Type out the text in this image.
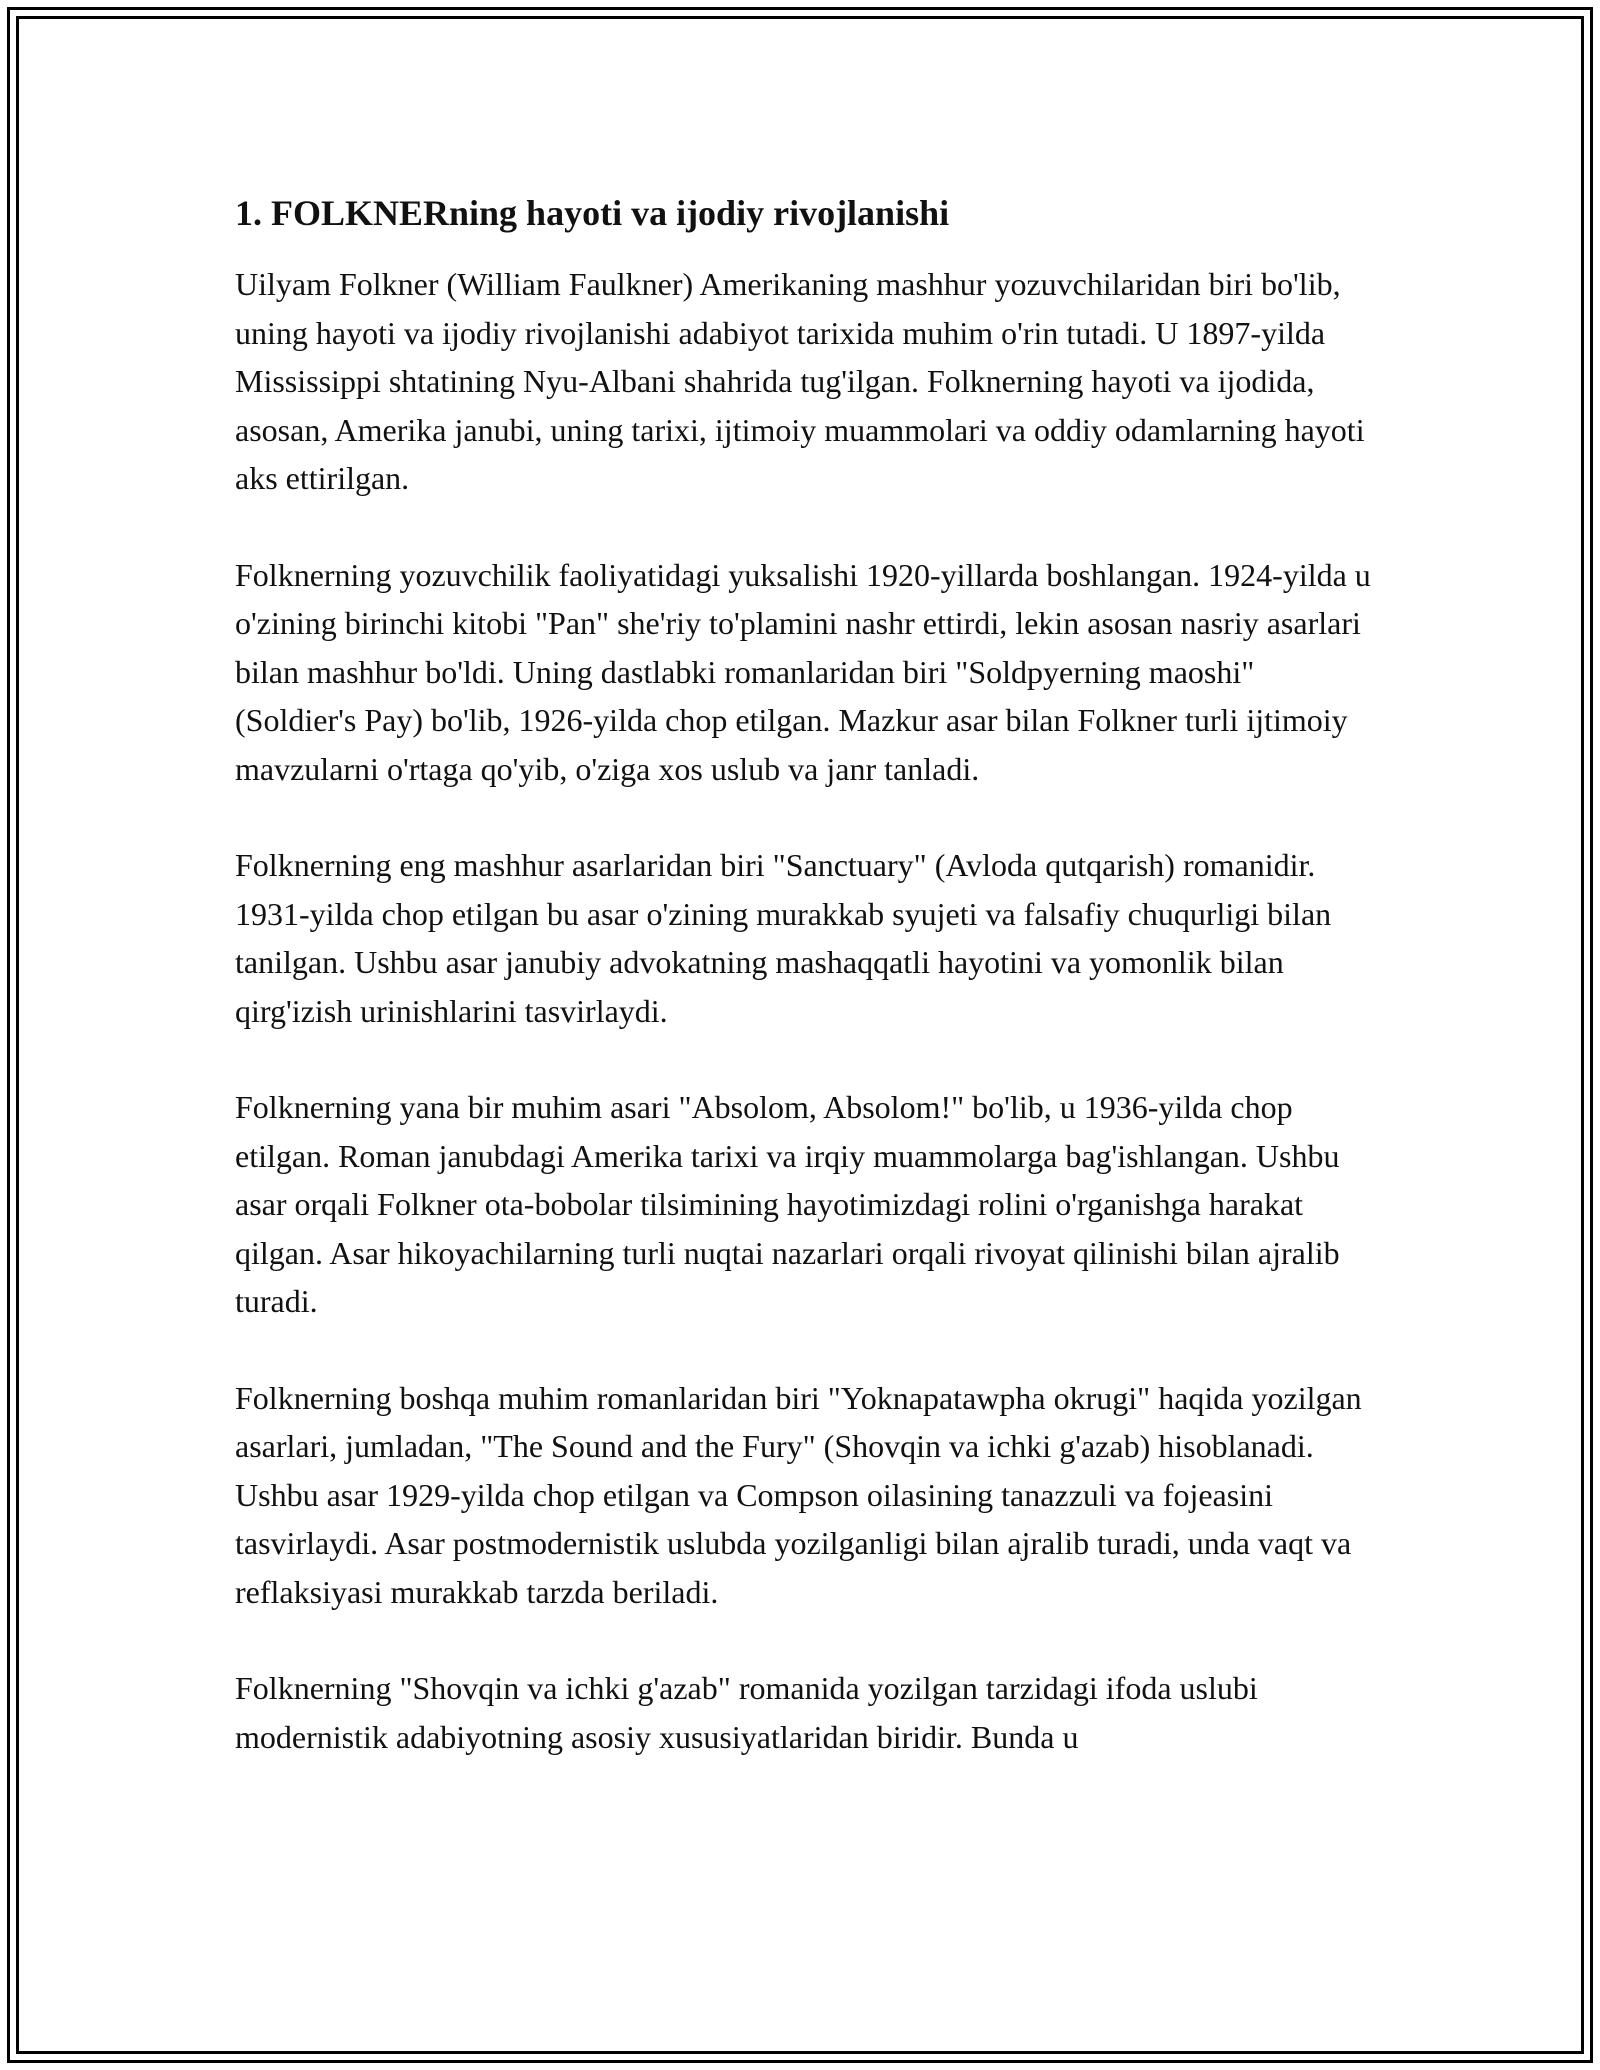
1. FOLKNERning hayoti va ijodiy rivojlanishi

Uilyam Folkner (William Faulkner) Amerikaning mashhur yozuvchilaridan biri bo'lib, uning hayoti va ijodiy rivojlanishi adabiyot tarixida muhim o'rin tutadi. U 1897-yilda Mississippi shtatining Nyu-Albani shahrida tug'ilgan. Folknerning hayoti va ijodida, asosan, Amerika janubi, uning tarixi, ijtimoiy muammolari va oddiy odamlarning hayoti aks ettirilgan.

Folknerning yozuvchilik faoliyatidagi yuksalishi 1920-yillarda boshlangan. 1924-yilda u o'zining birinchi kitobi "Pan" she'riy to'plamini nashr ettirdi, lekin asosan nasriy asarlari bilan mashhur bo'ldi. Uning dastlabki romanlaridan biri "Soldpyerning maoshi" (Soldier's Pay) bo'lib, 1926-yilda chop etilgan. Mazkur asar bilan Folkner turli ijtimoiy mavzularni o'rtaga qo'yib, o'ziga xos uslub va janr tanladi.

Folknerning eng mashhur asarlaridan biri "Sanctuary" (Avloda qutqarish) romanidir. 1931-yilda chop etilgan bu asar o'zining murakkab syujeti va falsafiy chuqurligi bilan tanilgan. Ushbu asar janubiy advokatning mashaqqatli hayotini va yomonlik bilan qirg'izish urinishlarini tasvirlaydi.

Folknerning yana bir muhim asari "Absolom, Absolom!" bo'lib, u 1936-yilda chop etilgan. Roman janubdagi Amerika tarixi va irqiy muammolarga bag'ishlangan. Ushbu asar orqali Folkner ota-bobolar tilsimining hayotimizdagi rolini o'rganishga harakat qilgan. Asar hikoyachilarning turli nuqtai nazarlari orqali rivoyat qilinishi bilan ajralib turadi.

Folknerning boshqa muhim romanlaridan biri "Yoknapatawpha okrugi" haqida yozilgan asarlari, jumladan, "The Sound and the Fury" (Shovqin va ichki g'azab) hisoblanadi. Ushbu asar 1929-yilda chop etilgan va Compson oilasining tanazzuli va fojeasini tasvirlaydi. Asar postmodernistik uslubda yozilganligi bilan ajralib turadi, unda vaqt va reflaksiyasi murakkab tarzda beriladi.

Folknerning "Shovqin va ichki g'azab" romanida yozilgan tarzidagi ifoda uslubi modernistik adabiyotning asosiy xususiyatlaridan biridir. Bunda u
